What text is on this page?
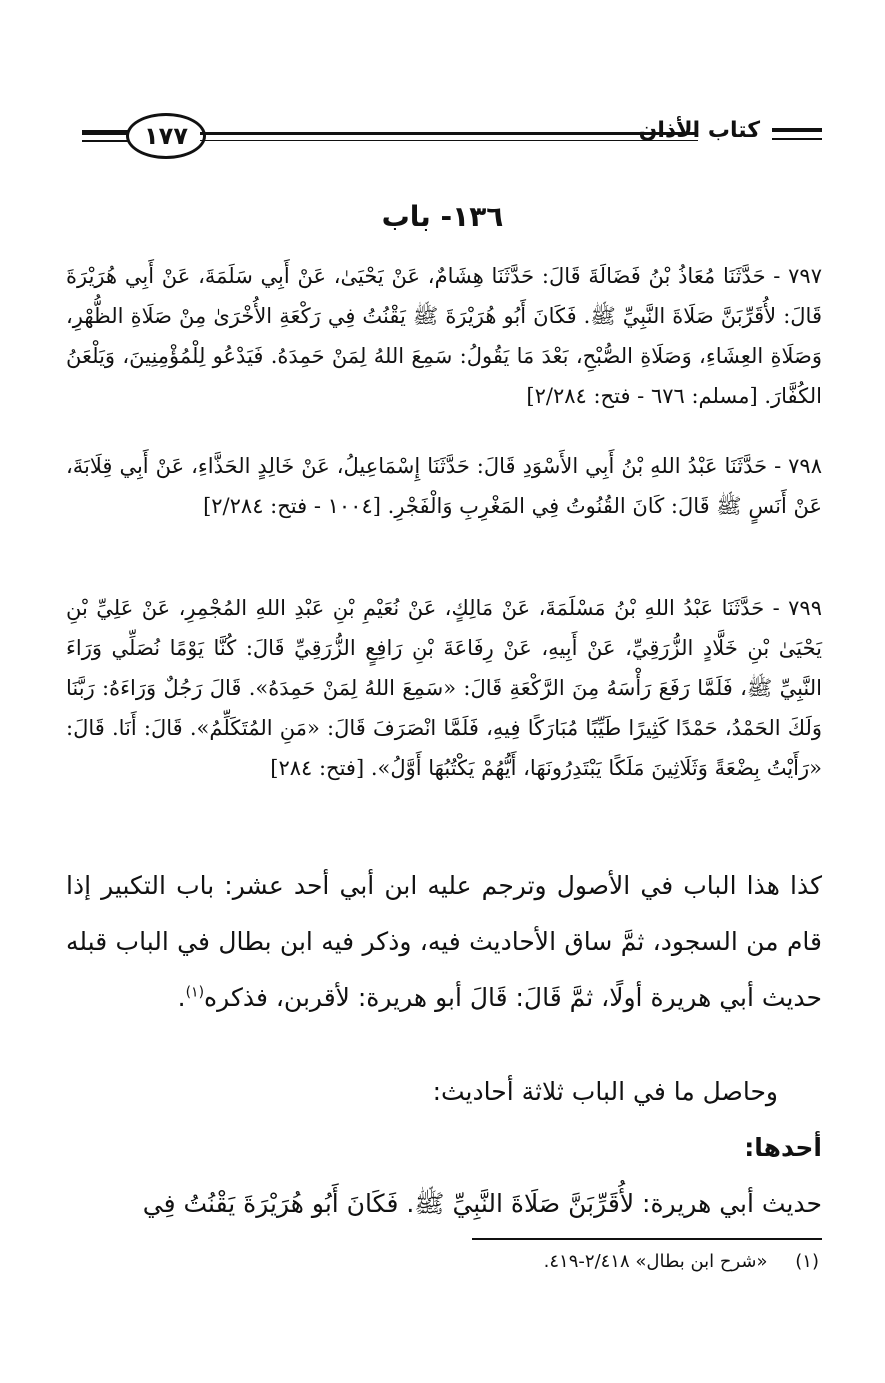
١٧٧	كتاب الأذان
١٣٦- باب
٧٩٧ - حَدَّثَنَا مُعَاذُ بْنُ فَضَالَةَ قَالَ: حَدَّثَنَا هِشَامٌ، عَنْ يَحْيَىٰ، عَنْ أَبِي سَلَمَةَ، عَنْ أَبِي هُرَيْرَةَ قَالَ: لأُقَرِّبَنَّ صَلَاةَ النَّبِيِّ ﷺ. فَكَانَ أَبُو هُرَيْرَةَ ﷺ يَقْنُتُ فِي رَكْعَةِ الأُخْرَىٰ مِنْ صَلَاةِ الظُّهْرِ، وَصَلَاةِ العِشَاءِ، وَصَلَاةِ الصُّبْحِ، بَعْدَ مَا يَقُولُ: سَمِعَ اللهُ لِمَنْ حَمِدَهُ. فَيَدْعُو لِلْمُؤْمِنِينَ، وَيَلْعَنُ الكُفَّارَ. [مسلم: ٦٧٦ - فتح: ٢/٢٨٤]
٧٩٨ - حَدَّثَنَا عَبْدُ اللهِ بْنُ أَبِي الأَسْوَدِ قَالَ: حَدَّثَنَا إِسْمَاعِيلُ، عَنْ خَالِدٍ الحَذَّاءِ، عَنْ أَبِي قِلَابَةَ، عَنْ أَنَسٍ ﷺ قَالَ: كَانَ القُنُوتُ فِي المَغْرِبِ وَالْفَجْرِ. [١٠٠٤ - فتح: ٢/٢٨٤]
٧٩٩ - حَدَّثَنَا عَبْدُ اللهِ بْنُ مَسْلَمَةَ، عَنْ مَالِكٍ، عَنْ نُعَيْمِ بْنِ عَبْدِ اللهِ المُجْمِرِ، عَنْ عَلِيِّ بْنِ يَحْيَىٰ بْنِ خَلَّادٍ الزُّرَقِيِّ، عَنْ أَبِيهِ، عَنْ رِفَاعَةَ بْنِ رَافِعٍ الزُّرَقِيِّ قَالَ: كُنَّا يَوْمًا نُصَلِّي وَرَاءَ النَّبِيِّ ﷺ، فَلَمَّا رَفَعَ رَأْسَهُ مِنَ الرَّكْعَةِ قَالَ: «سَمِعَ اللهُ لِمَنْ حَمِدَهُ». قَالَ رَجُلٌ وَرَاءَهُ: رَبَّنَا وَلَكَ الحَمْدُ، حَمْدًا كَثِيرًا طَيِّبًا مُبَارَكًا فِيهِ، فَلَمَّا انْصَرَفَ قَالَ: «مَنِ المُتَكَلِّمُ». قَالَ: أَنَا. قَالَ: «رَأَيْتُ بِضْعَةً وَثَلَاثِينَ مَلَكًا يَبْتَدِرُونَهَا، أَيُّهُمْ يَكْتُبُهَا أَوَّلُ». [فتح: ٢٨٤]
كذا هذا الباب في الأصول وترجم عليه ابن أبي أحد عشر: باب التكبير إذا قام من السجود، ثمَّ ساق الأحاديث فيه، وذكر فيه ابن بطال في الباب قبله حديث أبي هريرة أولًا، ثمَّ قَالَ: قَالَ أبو هريرة: لأقربن، فذكره$^{(١)}$.
وحاصل ما في الباب ثلاثة أحاديث:
أحدها:
حديث أبي هريرة: لأُقَرِّبَنَّ صَلَاةَ النَّبِيِّ ﷺ. فَكَانَ أَبُو هُرَيْرَةَ يَقْنُتُ فِي
(١) «شرح ابن بطال» ٢/٤١٨-٤١٩.
